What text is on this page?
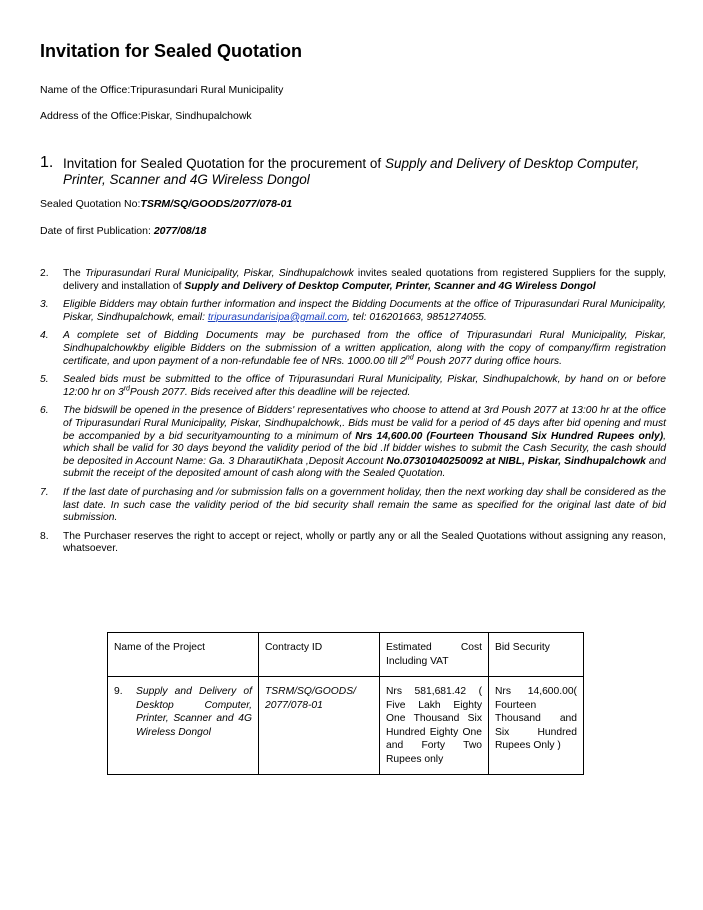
Invitation for Sealed Quotation
Name of the Office:Tripurasundari Rural Municipality
Address of the Office:Piskar, Sindhupalchowk
1. Invitation for Sealed Quotation for the procurement of Supply and Delivery of Desktop Computer, Printer, Scanner and 4G Wireless Dongol
Sealed Quotation No:TSRM/SQ/GOODS/2077/078-01
Date of first Publication: 2077/08/18
2. The Tripurasundari Rural Municipality, Piskar, Sindhupalchowk invites sealed quotations from registered Suppliers for the supply, delivery and installation of Supply and Delivery of Desktop Computer, Printer, Scanner and 4G Wireless Dongol
3. Eligible Bidders may obtain further information and inspect the Bidding Documents at the office of Tripurasundari Rural Municipality, Piskar, Sindhupalchowk, email: tripurasundarisipa@gmail.com, tel: 016201663, 9851274055.
4. A complete set of Bidding Documents may be purchased from the office of Tripurasundari Rural Municipality, Piskar, Sindhupalchowkby eligible Bidders on the submission of a written application, along with the copy of company/firm registration certificate, and upon payment of a non-refundable fee of NRs. 1000.00 till 2nd Poush 2077 during office hours.
5. Sealed bids must be submitted to the office of Tripurasundari Rural Municipality, Piskar, Sindhupalchowk, by hand on or before 12:00 hr on 3rdPoush 2077. Bids received after this deadline will be rejected.
6. The bidswill be opened in the presence of Bidders' representatives who choose to attend at 3rd Poush 2077 at 13:00 hr at the office of Tripurasundari Rural Municipality, Piskar, Sindhupalchowk,. Bids must be valid for a period of 45 days after bid opening and must be accompanied by a bid securityamounting to a minimum of Nrs 14,600.00 (Fourteen Thousand Six Hundred Rupees only), which shall be valid for 30 days beyond the validity period of the bid .If bidder wishes to submit the Cash Security, the cash should be deposited in Account Name: Ga. 3 DharautiKhata ,Deposit Account No.07301040250092 at NIBL, Piskar, Sindhupalchowk and submit the receipt of the deposited amount of cash along with the Sealed Quotation.
7. If the last date of purchasing and /or submission falls on a government holiday, then the next working day shall be considered as the last date. In such case the validity period of the bid security shall remain the same as specified for the original last date of bid submission.
8. The Purchaser reserves the right to accept or reject, wholly or partly any or all the Sealed Quotations without assigning any reason, whatsoever.
Name of the Project	Contracty ID	Estimated Cost Including VAT	Bid Security

9. Supply and Delivery of Desktop Computer, Printer, Scanner and 4G Wireless Dongol	TSRM/SQ/GOODS/ 2077/078-01	Nrs 581,681.42 ( Five Lakh Eighty One Thousand Six Hundred Eighty One and Forty Two Rupees only	Nrs 14,600.00( Fourteen Thousand and Six Hundred Rupees Only )
